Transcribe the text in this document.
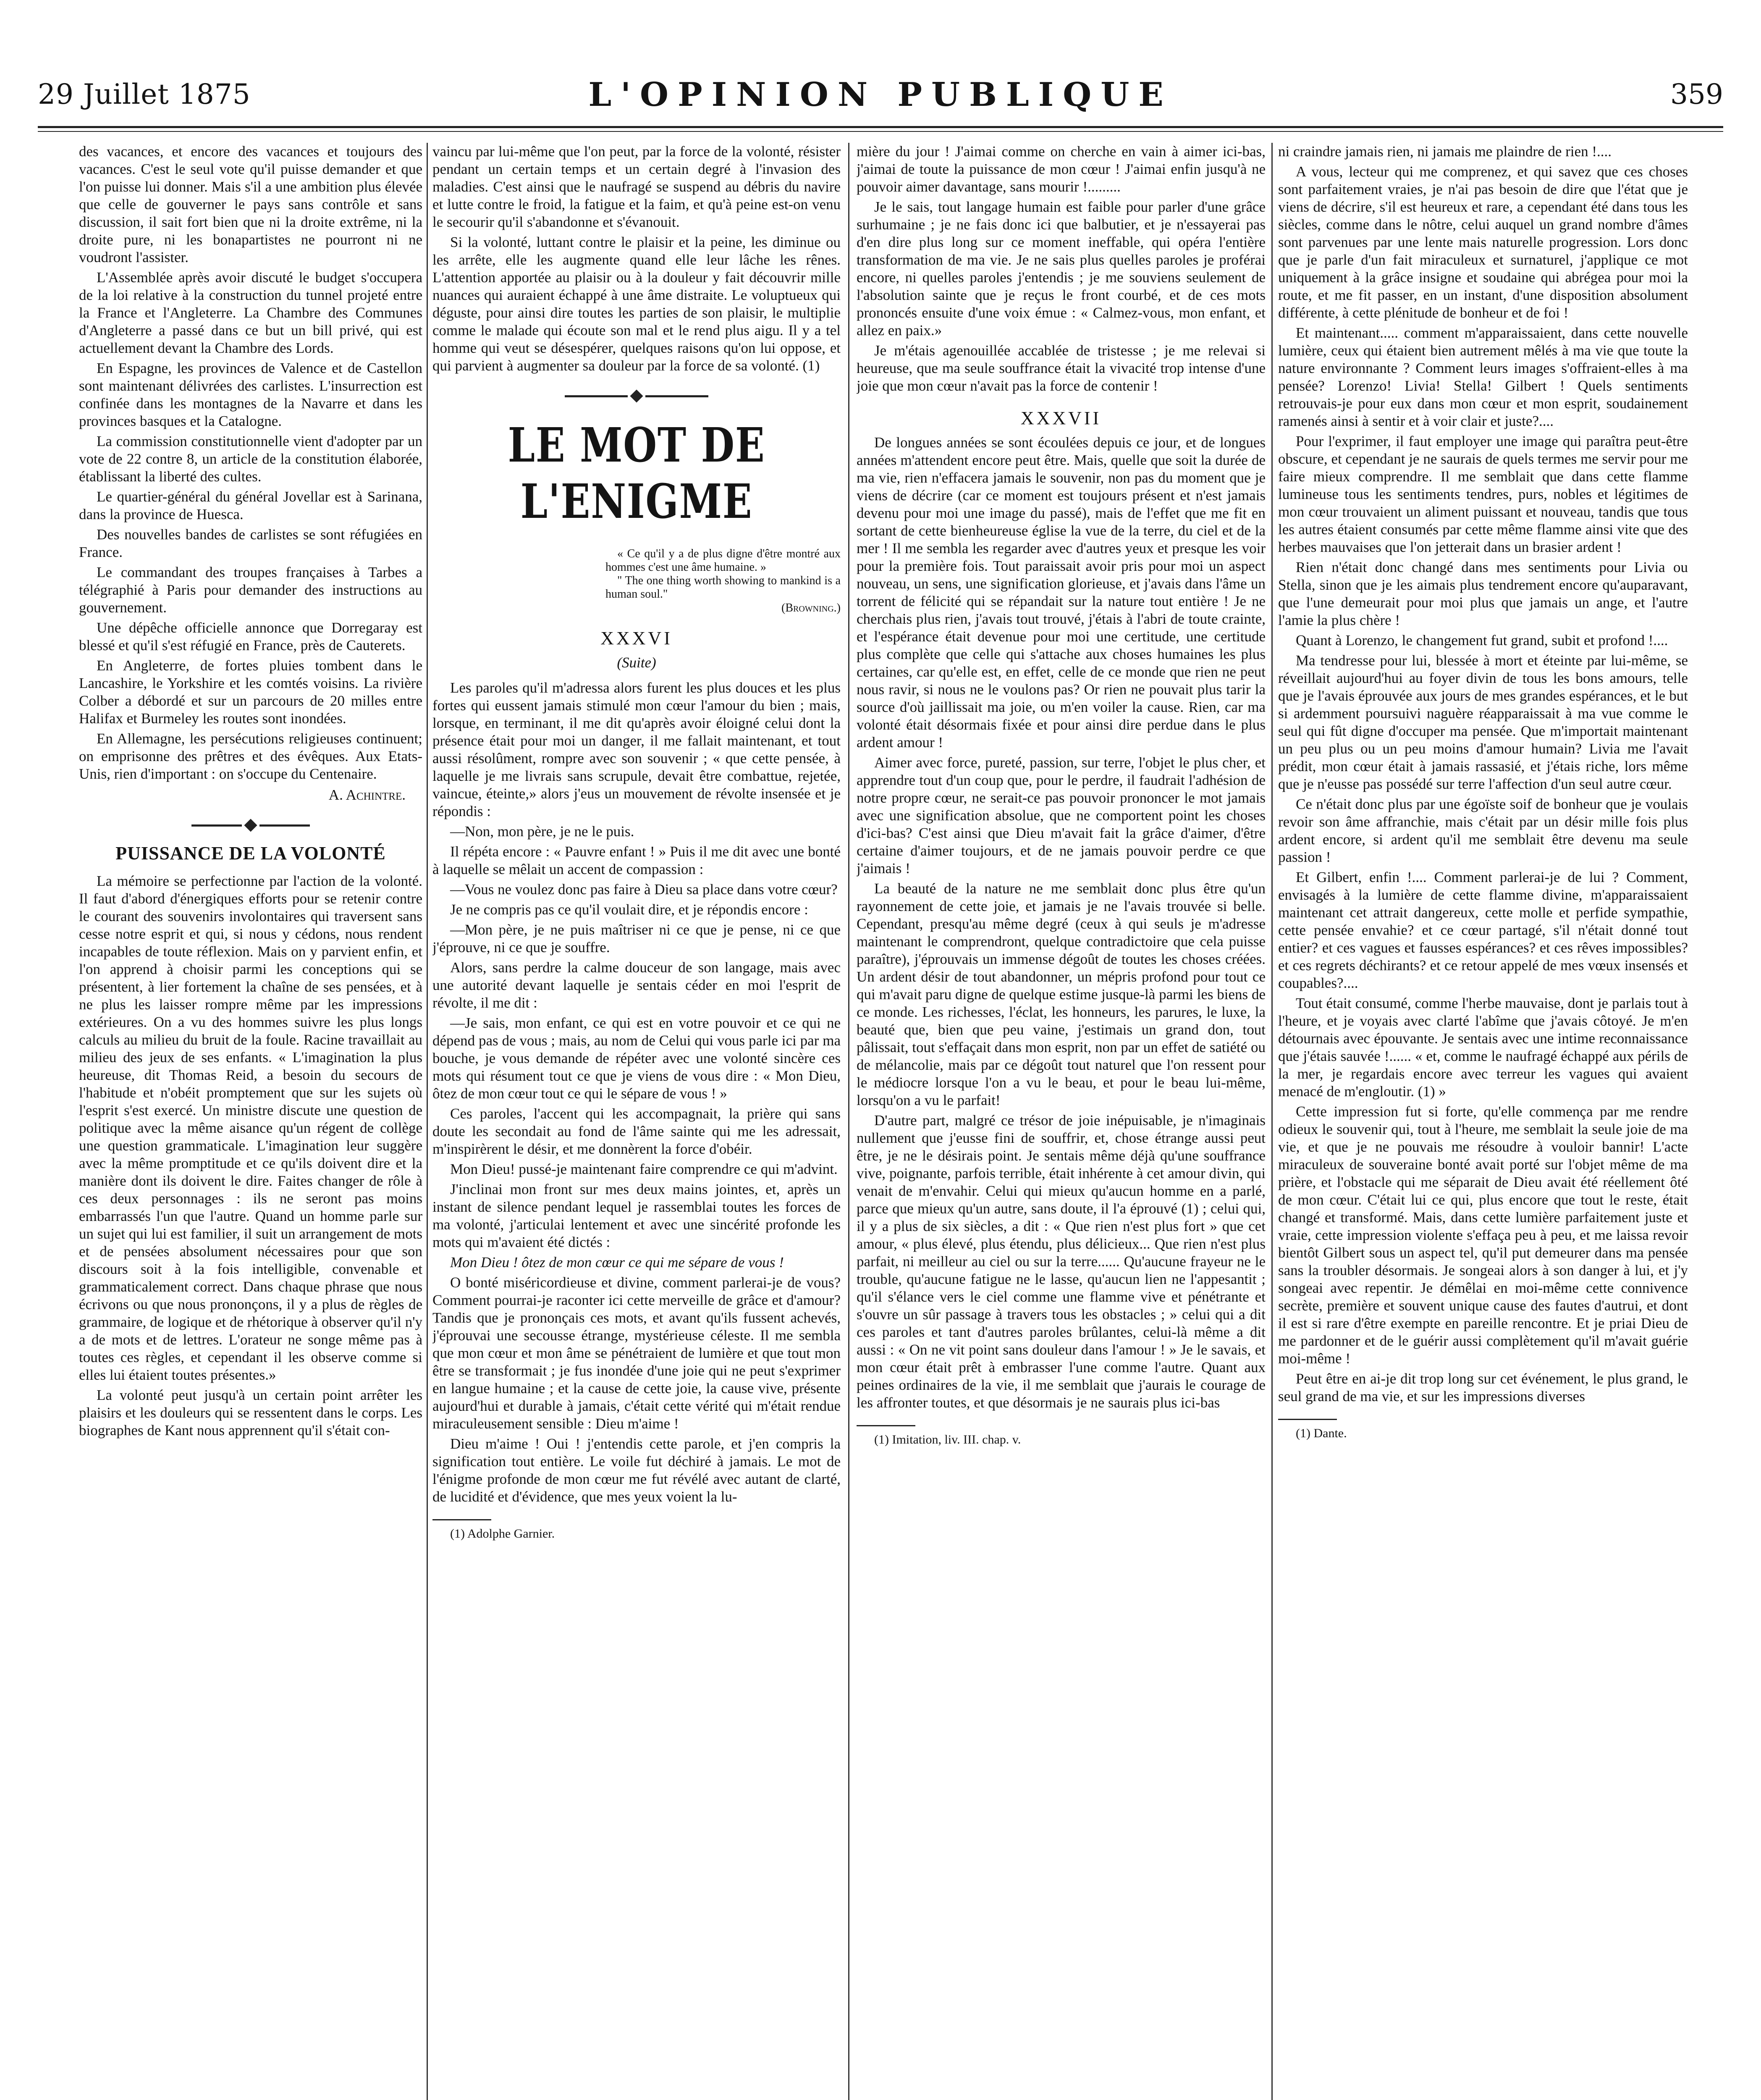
29 Juillet 1875	L'OPINION PUBLIQUE	359

des vacances, et encore des vacances et toujours des vacances. C'est le seul vote qu'il puisse demander et que l'on puisse lui donner. Mais s'il a une ambition plus élevée que celle de gouverner le pays sans contrôle et sans discussion, il sait fort bien que ni la droite extrême, ni la droite pure, ni les bonapartistes ne pourront ni ne voudront l'assister.

L'Assemblée après avoir discuté le budget s'occupera de la loi relative à la construction du tunnel projeté entre la France et l'Angleterre. La Chambre des Communes d'Angleterre a passé dans ce but un bill privé, qui est actuellement devant la Chambre des Lords.

En Espagne, les provinces de Valence et de Castellon sont maintenant délivrées des carlistes. L'insurrection est confinée dans les montagnes de la Navarre et dans les provinces basques et la Catalogne.

La commission constitutionnelle vient d'adopter par un vote de 22 contre 8, un article de la constitution élaborée, établissant la liberté des cultes.

Le quartier-général du général Jovellar est à Sarinana, dans la province de Huesca.

Des nouvelles bandes de carlistes se sont réfugiées en France.

Le commandant des troupes françaises à Tarbes a télégraphié à Paris pour demander des instructions au gouvernement.

Une dépêche officielle annonce que Dorregaray est blessé et qu'il s'est réfugié en France, près de Cauterets.

En Angleterre, de fortes pluies tombent dans le Lancashire, le Yorkshire et les comtés voisins. La rivière Colber a débordé et sur un parcours de 20 milles entre Halifax et Burmeley les routes sont inondées.

En Allemagne, les persécutions religieuses continuent; on emprisonne des prêtres et des évêques. Aux Etats-Unis, rien d'important : on s'occupe du Centenaire.

A. Achintre.
PUISSANCE DE LA VOLONTÉ

La mémoire se perfectionne par l'action de la volonté. Il faut d'abord d'énergiques efforts pour se retenir contre le courant des souvenirs involontaires qui traversent sans cesse notre esprit et qui, si nous y cédons, nous rendent incapables de toute réflexion. Mais on y parvient enfin, et l'on apprend à choisir parmi les conceptions qui se présentent, à lier fortement la chaîne de ses pensées, et à ne plus les laisser rompre même par les impressions extérieures. On a vu des hommes suivre les plus longs calculs au milieu du bruit de la foule. Racine travaillait au milieu des jeux de ses enfants. « L'imagination la plus heureuse, dit Thomas Reid, a besoin du secours de l'habitude et n'obéit promptement que sur les sujets où l'esprit s'est exercé. Un ministre discute une question de politique avec la même aisance qu'un régent de collège une question grammaticale. L'imagination leur suggère avec la même promptitude et ce qu'ils doivent dire et la manière dont ils doivent le dire. Faites changer de rôle à ces deux personnages : ils ne seront pas moins embarrassés l'un que l'autre. Quand un homme parle sur un sujet qui lui est familier, il suit un arrangement de mots et de pensées absolument nécessaires pour que son discours soit à la fois intelligible, convenable et grammaticalement correct. Dans chaque phrase que nous écrivons ou que nous prononçons, il y a plus de règles de grammaire, de logique et de rhétorique à observer qu'il n'y a de mots et de lettres. L'orateur ne songe même pas à toutes ces règles, et cependant il les observe comme si elles lui étaient toutes présentes.»

La volonté peut jusqu'à un certain point arrêter les plaisirs et les douleurs qui se ressentent dans le corps. Les biographes de Kant nous apprennent qu'il s'était con-

vaincu par lui-même que l'on peut, par la force de la volonté, résister pendant un certain temps et un certain degré à l'invasion des maladies. C'est ainsi que le naufragé se suspend au débris du navire et lutte contre le froid, la fatigue et la faim, et qu'à peine est-on venu le secourir qu'il s'abandonne et s'évanouit.

Si la volonté, luttant contre le plaisir et la peine, les diminue ou les arrête, elle les augmente quand elle leur lâche les rênes. L'attention apportée au plaisir ou à la douleur y fait découvrir mille nuances qui auraient échappé à une âme distraite. Le voluptueux qui déguste, pour ainsi dire toutes les parties de son plaisir, le multiplie comme le malade qui écoute son mal et le rend plus aigu. Il y a tel homme qui veut se désespérer, quelques raisons qu'on lui oppose, et qui parvient à augmenter sa douleur par la force de sa volonté. (1)

LE MOT DE L'ENIGME

« Ce qu'il y a de plus digne d'être montré aux hommes c'est une âme humaine. »

" The one thing worth showing to mankind is a human soul."

(Browning.)
XXXVI
(Suite)

Les paroles qu'il m'adressa alors furent les plus douces et les plus fortes qui eussent jamais stimulé mon cœur l'amour du bien ; mais, lorsque, en terminant, il me dit qu'après avoir éloigné celui dont la présence était pour moi un danger, il me fallait maintenant, et tout aussi résolûment, rompre avec son souvenir ; « que cette pensée, à laquelle je me livrais sans scrupule, devait être combattue, rejetée, vaincue, éteinte,» alors j'eus un mouvement de révolte insensée et je répondis :

—Non, mon père, je ne le puis.

Il répéta encore : « Pauvre enfant ! » Puis il me dit avec une bonté à laquelle se mêlait un accent de compassion :

—Vous ne voulez donc pas faire à Dieu sa place dans votre cœur?

Je ne compris pas ce qu'il voulait dire, et je répondis encore :

—Mon père, je ne puis maîtriser ni ce que je pense, ni ce que j'éprouve, ni ce que je souffre.

Alors, sans perdre la calme douceur de son langage, mais avec une autorité devant laquelle je sentais céder en moi l'esprit de révolte, il me dit :

—Je sais, mon enfant, ce qui est en votre pouvoir et ce qui ne dépend pas de vous ; mais, au nom de Celui qui vous parle ici par ma bouche, je vous demande de répéter avec une volonté sincère ces mots qui résument tout ce que je viens de vous dire : « Mon Dieu, ôtez de mon cœur tout ce qui le sépare de vous ! »

Ces paroles, l'accent qui les accompagnait, la prière qui sans doute les secondait au fond de l'âme sainte qui me les adressait, m'inspirèrent le désir, et me donnèrent la force d'obéir.

Mon Dieu! pussé-je maintenant faire comprendre ce qui m'advint.

J'inclinai mon front sur mes deux mains jointes, et, après un instant de silence pendant lequel je rassemblai toutes les forces de ma volonté, j'articulai lentement et avec une sincérité profonde les mots qui m'avaient été dictés :

Mon Dieu ! ôtez de mon cœur ce qui me sépare de vous !

O bonté miséricordieuse et divine, comment parlerai-je de vous? Comment pourrai-je raconter ici cette merveille de grâce et d'amour? Tandis que je prononçais ces mots, et avant qu'ils fussent achevés, j'éprouvai une secousse étrange, mystérieuse céleste. Il me sembla que mon cœur et mon âme se pénétraient de lumière et que tout mon être se transformait ; je fus inondée d'une joie qui ne peut s'exprimer en langue humaine ; et la cause de cette joie, la cause vive, présente aujourd'hui et durable à jamais, c'était cette vérité qui m'était rendue miraculeusement sensible : Dieu m'aime !

Dieu m'aime ! Oui ! j'entendis cette parole, et j'en compris la signification tout entière. Le voile fut déchiré à jamais. Le mot de l'énigme profonde de mon cœur me fut révélé avec autant de clarté, de lucidité et d'évidence, que mes yeux voient la lu-

(1) Adolphe Garnier.

mière du jour ! J'aimai comme on cherche en vain à aimer ici-bas, j'aimai de toute la puissance de mon cœur ! J'aimai enfin jusqu'à ne pouvoir aimer davantage, sans mourir !.........

Je le sais, tout langage humain est faible pour parler d'une grâce surhumaine ; je ne fais donc ici que balbutier, et je n'essayerai pas d'en dire plus long sur ce moment ineffable, qui opéra l'entière transformation de ma vie. Je ne sais plus quelles paroles je proférai encore, ni quelles paroles j'entendis ; je me souviens seulement de l'absolution sainte que je reçus le front courbé, et de ces mots prononcés ensuite d'une voix émue : « Calmez-vous, mon enfant, et allez en paix.»

Je m'étais agenouillée accablée de tristesse ; je me relevai si heureuse, que ma seule souffrance était la vivacité trop intense d'une joie que mon cœur n'avait pas la force de contenir !

XXXVII

De longues années se sont écoulées depuis ce jour, et de longues années m'attendent encore peut être. Mais, quelle que soit la durée de ma vie, rien n'effacera jamais le souvenir, non pas du moment que je viens de décrire (car ce moment est toujours présent et n'est jamais devenu pour moi une image du passé), mais de l'effet que me fit en sortant de cette bienheureuse église la vue de la terre, du ciel et de la mer ! Il me sembla les regarder avec d'autres yeux et presque les voir pour la première fois. Tout paraissait avoir pris pour moi un aspect nouveau, un sens, une signification glorieuse, et j'avais dans l'âme un torrent de félicité qui se répandait sur la nature tout entière ! Je ne cherchais plus rien, j'avais tout trouvé, j'étais à l'abri de toute crainte, et l'espérance était devenue pour moi une certitude, une certitude plus complète que celle qui s'attache aux choses humaines les plus certaines, car qu'elle est, en effet, celle de ce monde que rien ne peut nous ravir, si nous ne le voulons pas? Or rien ne pouvait plus tarir la source d'où jaillissait ma joie, ou m'en voiler la cause. Rien, car ma volonté était désormais fixée et pour ainsi dire perdue dans le plus ardent amour !

Aimer avec force, pureté, passion, sur terre, l'objet le plus cher, et apprendre tout d'un coup que, pour le perdre, il faudrait l'adhésion de notre propre cœur, ne serait-ce pas pouvoir prononcer le mot jamais avec une signification absolue, que ne comportent point les choses d'ici-bas? C'est ainsi que Dieu m'avait fait la grâce d'aimer, d'être certaine d'aimer toujours, et de ne jamais pouvoir perdre ce que j'aimais !

La beauté de la nature ne me semblait donc plus être qu'un rayonnement de cette joie, et jamais je ne l'avais trouvée si belle. Cependant, presqu'au même degré (ceux à qui seuls je m'adresse maintenant le comprendront, quelque contradictoire que cela puisse paraître), j'éprouvais un immense dégoût de toutes les choses créées. Un ardent désir de tout abandonner, un mépris profond pour tout ce qui m'avait paru digne de quelque estime jusque-là parmi les biens de ce monde. Les richesses, l'éclat, les honneurs, les parures, le luxe, la beauté que, bien que peu vaine, j'estimais un grand don, tout pâlissait, tout s'effaçait dans mon esprit, non par un effet de satiété ou de mélancolie, mais par ce dégoût tout naturel que l'on ressent pour le médiocre lorsque l'on a vu le beau, et pour le beau lui-même, lorsqu'on a vu le parfait!

D'autre part, malgré ce trésor de joie inépuisable, je n'imaginais nullement que j'eusse fini de souffrir, et, chose étrange aussi peut être, je ne le désirais point. Je sentais même déjà qu'une souffrance vive, poignante, parfois terrible, était inhérente à cet amour divin, qui venait de m'envahir. Celui qui mieux qu'aucun homme en a parlé, parce que mieux qu'un autre, sans doute, il l'a éprouvé (1) ; celui qui, il y a plus de six siècles, a dit : « Que rien n'est plus fort » que cet amour, « plus élevé, plus étendu, plus délicieux... Que rien n'est plus parfait, ni meilleur au ciel ou sur la terre...... Qu'aucune frayeur ne le trouble, qu'aucune fatigue ne le lasse, qu'aucun lien ne l'appesantit ; qu'il s'élance vers le ciel comme une flamme vive et pénétrante et s'ouvre un sûr passage à travers tous les obstacles ; » celui qui a dit ces paroles et tant d'autres paroles brûlantes, celui-là même a dit aussi : « On ne vit point sans douleur dans l'amour ! » Je le savais, et mon cœur était prêt à embrasser l'une comme l'autre. Quant aux peines ordinaires de la vie, il me semblait que j'aurais le courage de les affronter toutes, et que désormais je ne saurais plus ici-bas

(1) Imitation, liv. III. chap. v.

ni craindre jamais rien, ni jamais me plaindre de rien !....

A vous, lecteur qui me comprenez, et qui savez que ces choses sont parfaitement vraies, je n'ai pas besoin de dire que l'état que je viens de décrire, s'il est heureux et rare, a cependant été dans tous les siècles, comme dans le nôtre, celui auquel un grand nombre d'âmes sont parvenues par une lente mais naturelle progression. Lors donc que je parle d'un fait miraculeux et surnaturel, j'applique ce mot uniquement à la grâce insigne et soudaine qui abrégea pour moi la route, et me fit passer, en un instant, d'une disposition absolument différente, à cette plénitude de bonheur et de foi !

Et maintenant..... comment m'apparaissaient, dans cette nouvelle lumière, ceux qui étaient bien autrement mêlés à ma vie que toute la nature environnante ? Comment leurs images s'offraient-elles à ma pensée? Lorenzo! Livia! Stella! Gilbert ! Quels sentiments retrouvais-je pour eux dans mon cœur et mon esprit, soudainement ramenés ainsi à sentir et à voir clair et juste?....

Pour l'exprimer, il faut employer une image qui paraîtra peut-être obscure, et cependant je ne saurais de quels termes me servir pour me faire mieux comprendre. Il me semblait que dans cette flamme lumineuse tous les sentiments tendres, purs, nobles et légitimes de mon cœur trouvaient un aliment puissant et nouveau, tandis que tous les autres étaient consumés par cette même flamme ainsi vite que des herbes mauvaises que l'on jetterait dans un brasier ardent !

Rien n'était donc changé dans mes sentiments pour Livia ou Stella, sinon que je les aimais plus tendrement encore qu'auparavant, que l'une demeurait pour moi plus que jamais un ange, et l'autre l'amie la plus chère !

Quant à Lorenzo, le changement fut grand, subit et profond !....

Ma tendresse pour lui, blessée à mort et éteinte par lui-même, se réveillait aujourd'hui au foyer divin de tous les bons amours, telle que je l'avais éprouvée aux jours de mes grandes espérances, et le but si ardemment poursuivi naguère réapparaissait à ma vue comme le seul qui fût digne d'occuper ma pensée. Que m'importait maintenant un peu plus ou un peu moins d'amour humain? Livia me l'avait prédit, mon cœur était à jamais rassasié, et j'étais riche, lors même que je n'eusse pas possédé sur terre l'affection d'un seul autre cœur.

Ce n'était donc plus par une égoïste soif de bonheur que je voulais revoir son âme affranchie, mais c'était par un désir mille fois plus ardent encore, si ardent qu'il me semblait être devenu ma seule passion !

Et Gilbert, enfin !.... Comment parlerai-je de lui ? Comment, envisagés à la lumière de cette flamme divine, m'apparaissaient maintenant cet attrait dangereux, cette molle et perfide sympathie, cette pensée envahie? et ce cœur partagé, s'il n'était donné tout entier? et ces vagues et fausses espérances? et ces rêves impossibles? et ces regrets déchirants? et ce retour appelé de mes vœux insensés et coupables?....

Tout était consumé, comme l'herbe mauvaise, dont je parlais tout à l'heure, et je voyais avec clarté l'abîme que j'avais côtoyé. Je m'en détournais avec épouvante. Je sentais avec une intime reconnaissance que j'étais sauvée !...... « et, comme le naufragé échappé aux périls de la mer, je regardais encore avec terreur les vagues qui avaient menacé de m'engloutir. (1) »

Cette impression fut si forte, qu'elle commença par me rendre odieux le souvenir qui, tout à l'heure, me semblait la seule joie de ma vie, et que je ne pouvais me résoudre à vouloir bannir! L'acte miraculeux de souveraine bonté avait porté sur l'objet même de ma prière, et l'obstacle qui me séparait de Dieu avait été réellement ôté de mon cœur. C'était lui ce qui, plus encore que tout le reste, était changé et transformé. Mais, dans cette lumière parfaitement juste et vraie, cette impression violente s'effaça peu à peu, et me laissa revoir bientôt Gilbert sous un aspect tel, qu'il put demeurer dans ma pensée sans la troubler désormais. Je songeai alors à son danger à lui, et j'y songeai avec repentir. Je démêlai en moi-même cette connivence secrète, première et souvent unique cause des fautes d'autrui, et dont il est si rare d'être exempte en pareille rencontre. Et je priai Dieu de me pardonner et de le guérir aussi complètement qu'il m'avait guérie moi-même !

Peut être en ai-je dit trop long sur cet événement, le plus grand, le seul grand de ma vie, et sur les impressions diverses

(1) Dante.
